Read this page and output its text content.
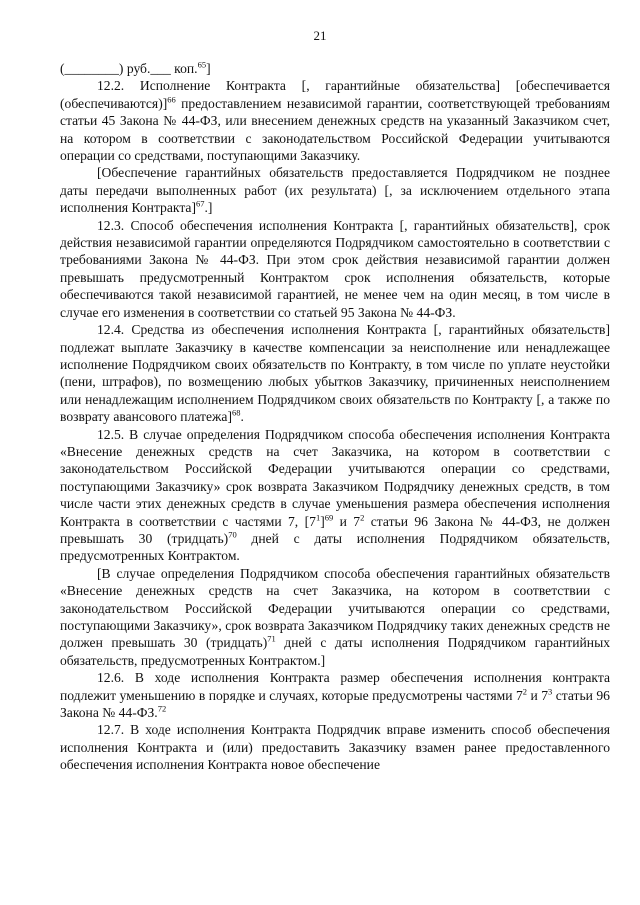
21

(________) руб.___ коп.$^{65}$]

12.2. Исполнение Контракта [, гарантийные обязательства] [обеспечивается (обеспечиваются)]$^{66}$ предоставлением независимой гарантии, соответствующей требованиям статьи 45 Закона № 44-ФЗ, или внесением денежных средств на указанный Заказчиком счет, на котором в соответствии с законодательством Российской Федерации учитываются операции со средствами, поступающими Заказчику.

[Обеспечение гарантийных обязательств предоставляется Подрядчиком не позднее даты передачи выполненных работ (их результата) [, за исключением отдельного этапа исполнения Контракта]$^{67}$.]

12.3. Способ обеспечения исполнения Контракта [, гарантийных обязательств], срок действия независимой гарантии определяются Подрядчиком самостоятельно в соответствии с требованиями Закона № 44-ФЗ. При этом срок действия независимой гарантии должен превышать предусмотренный Контрактом срок исполнения обязательств, которые обеспечиваются такой независимой гарантией, не менее чем на один месяц, в том числе в случае его изменения в соответствии со статьей 95 Закона № 44-ФЗ.

12.4. Средства из обеспечения исполнения Контракта [, гарантийных обязательств] подлежат выплате Заказчику в качестве компенсации за неисполнение или ненадлежащее исполнение Подрядчиком своих обязательств по Контракту, в том числе по уплате неустойки (пени, штрафов), по возмещению любых убытков Заказчику, причиненных неисполнением или ненадлежащим исполнением Подрядчиком своих обязательств по Контракту [, а также по возврату авансового платежа]$^{68}$.

12.5. В случае определения Подрядчиком способа обеспечения исполнения Контракта «Внесение денежных средств на счет Заказчика, на котором в соответствии с законодательством Российской Федерации учитываются операции со средствами, поступающими Заказчику» срок возврата Заказчиком Подрядчику денежных средств, в том числе части этих денежных средств в случае уменьшения размера обеспечения исполнения Контракта в соответствии с частями 7, $[7^1]^{69}$ и $7^2$ статьи 96 Закона № 44-ФЗ, не должен превышать 30 (тридцать)$^{70}$ дней с даты исполнения Подрядчиком обязательств, предусмотренных Контрактом.

[В случае определения Подрядчиком способа обеспечения гарантийных обязательств «Внесение денежных средств на счет Заказчика, на котором в соответствии с законодательством Российской Федерации учитываются операции со средствами, поступающими Заказчику», срок возврата Заказчиком Подрядчику таких денежных средств не должен превышать 30 (тридцать)$^{71}$ дней с даты исполнения Подрядчиком гарантийных обязательств, предусмотренных Контрактом.]

12.6. В ходе исполнения Контракта размер обеспечения исполнения контракта подлежит уменьшению в порядке и случаях, которые предусмотрены частями $7^2$ и $7^3$ статьи 96 Закона № 44-ФЗ.$^{72}$

12.7. В ходе исполнения Контракта Подрядчик вправе изменить способ обеспечения исполнения Контракта и (или) предоставить Заказчику взамен ранее предоставленного обеспечения исполнения Контракта новое обеспечение
